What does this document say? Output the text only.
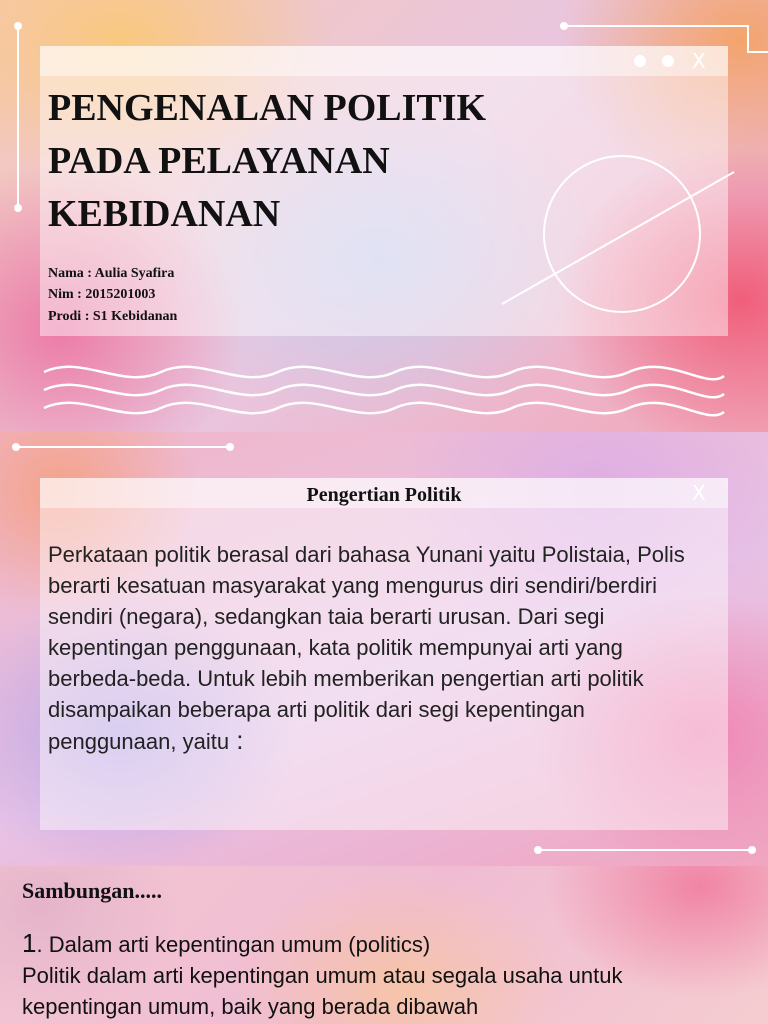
X
PENGENALAN POLITIK
PADA PELAYANAN
KEBIDANAN
Nama : Aulia Syafira
Nim : 2015201003
Prodi : S1 Kebidanan
X
Pengertian Politik

Perkataan politik berasal dari bahasa Yunani yaitu Polistaia, Polis berarti kesatuan masyarakat yang mengurus diri sendiri/berdiri sendiri (negara), sedangkan taia berarti urusan. Dari segi kepentingan penggunaan, kata politik mempunyai arti yang berbeda-beda. Untuk lebih memberikan pengertian arti politik disampaikan beberapa arti politik dari segi kepentingan penggunaan, yaitu :

Sambungan.....
1. Dalam arti kepentingan umum (politics)
Politik dalam arti kepentingan umum atau segala usaha untuk kepentingan umum, baik yang berada dibawah
